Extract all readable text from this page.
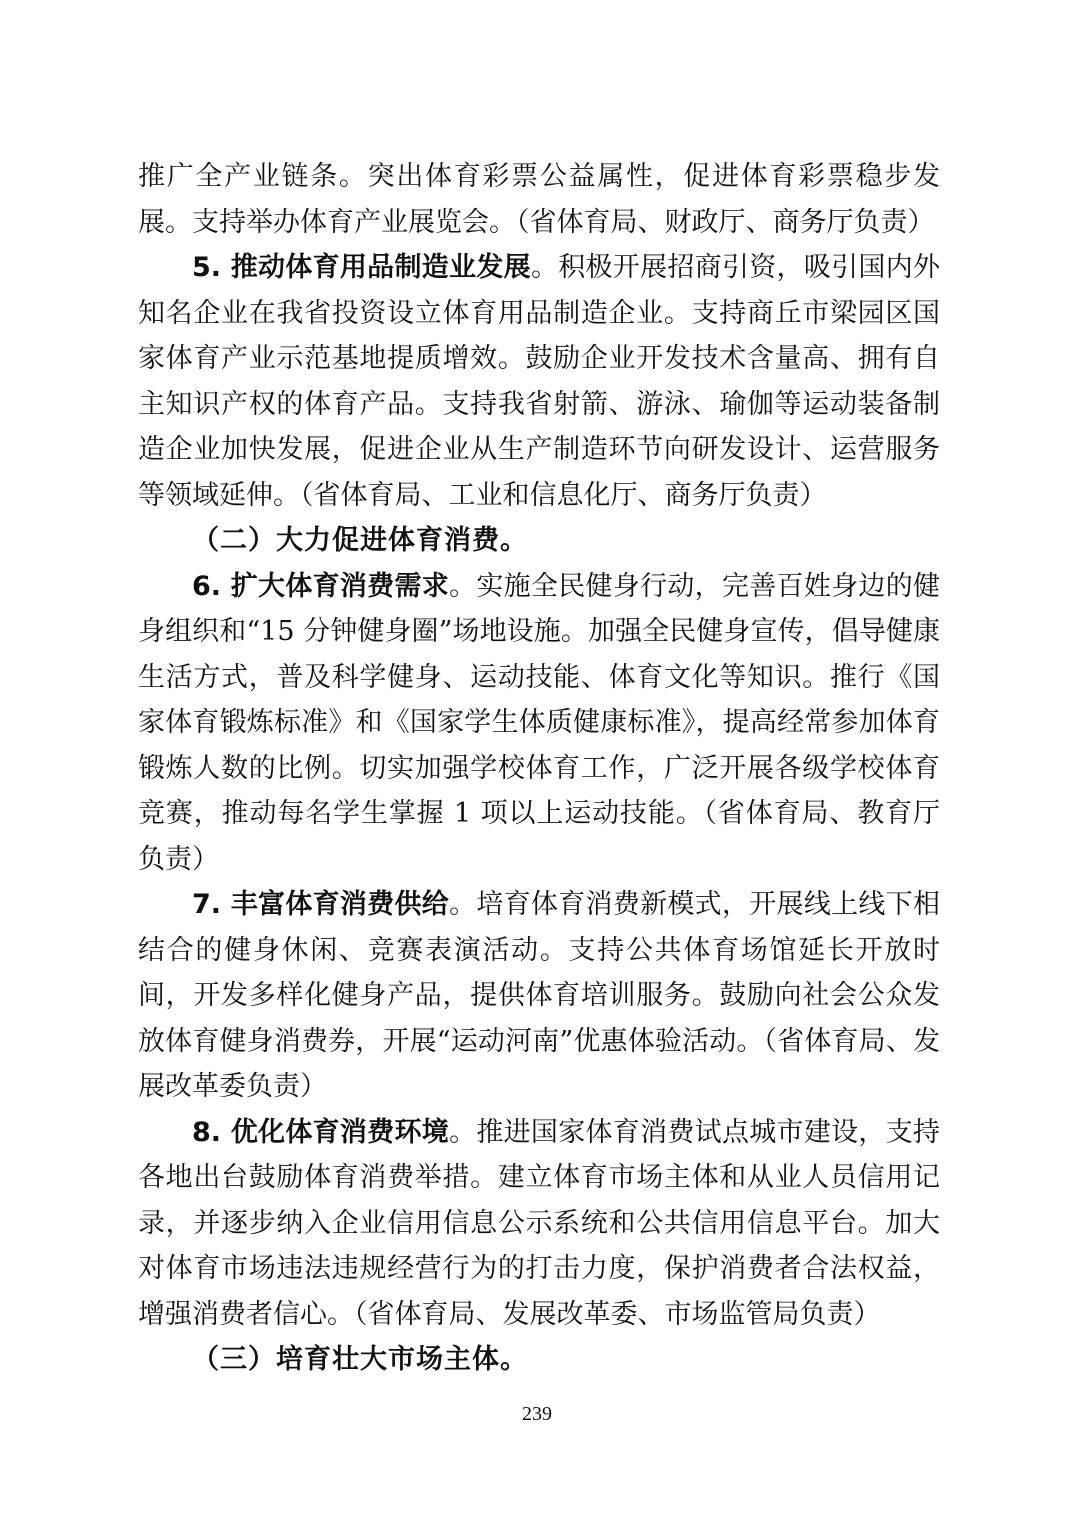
推广全产业链条。突出体育彩票公益属性，促进体育彩票稳步发展。支持举办体育产业展览会。（省体育局、财政厅、商务厅负责）

5. 推动体育用品制造业发展。积极开展招商引资，吸引国内外知名企业在我省投资设立体育用品制造企业。支持商丘市梁园区国家体育产业示范基地提质增效。鼓励企业开发技术含量高、拥有自主知识产权的体育产品。支持我省射箭、游泳、瑜伽等运动装备制造企业加快发展，促进企业从生产制造环节向研发设计、运营服务等领域延伸。（省体育局、工业和信息化厅、商务厅负责）

（二）大力促进体育消费。

6. 扩大体育消费需求。实施全民健身行动，完善百姓身边的健身组织和“15 分钟健身圈”场地设施。加强全民健身宣传，倡导健康生活方式，普及科学健身、运动技能、体育文化等知识。推行《国家体育锻炼标准》和《国家学生体质健康标准》，提高经常参加体育锻炼人数的比例。切实加强学校体育工作，广泛开展各级学校体育竞赛，推动每名学生掌握 1 项以上运动技能。（省体育局、教育厅负责）

7. 丰富体育消费供给。培育体育消费新模式，开展线上线下相结合的健身休闲、竞赛表演活动。支持公共体育场馆延长开放时间，开发多样化健身产品，提供体育培训服务。鼓励向社会公众发放体育健身消费券，开展“运动河南”优惠体验活动。（省体育局、发展改革委负责）

8. 优化体育消费环境。推进国家体育消费试点城市建设，支持各地出台鼓励体育消费举措。建立体育市场主体和从业人员信用记录，并逐步纳入企业信用信息公示系统和公共信用信息平台。加大对体育市场违法违规经营行为的打击力度，保护消费者合法权益，增强消费者信心。（省体育局、发展改革委、市场监管局负责）

（三）培育壮大市场主体。

239
